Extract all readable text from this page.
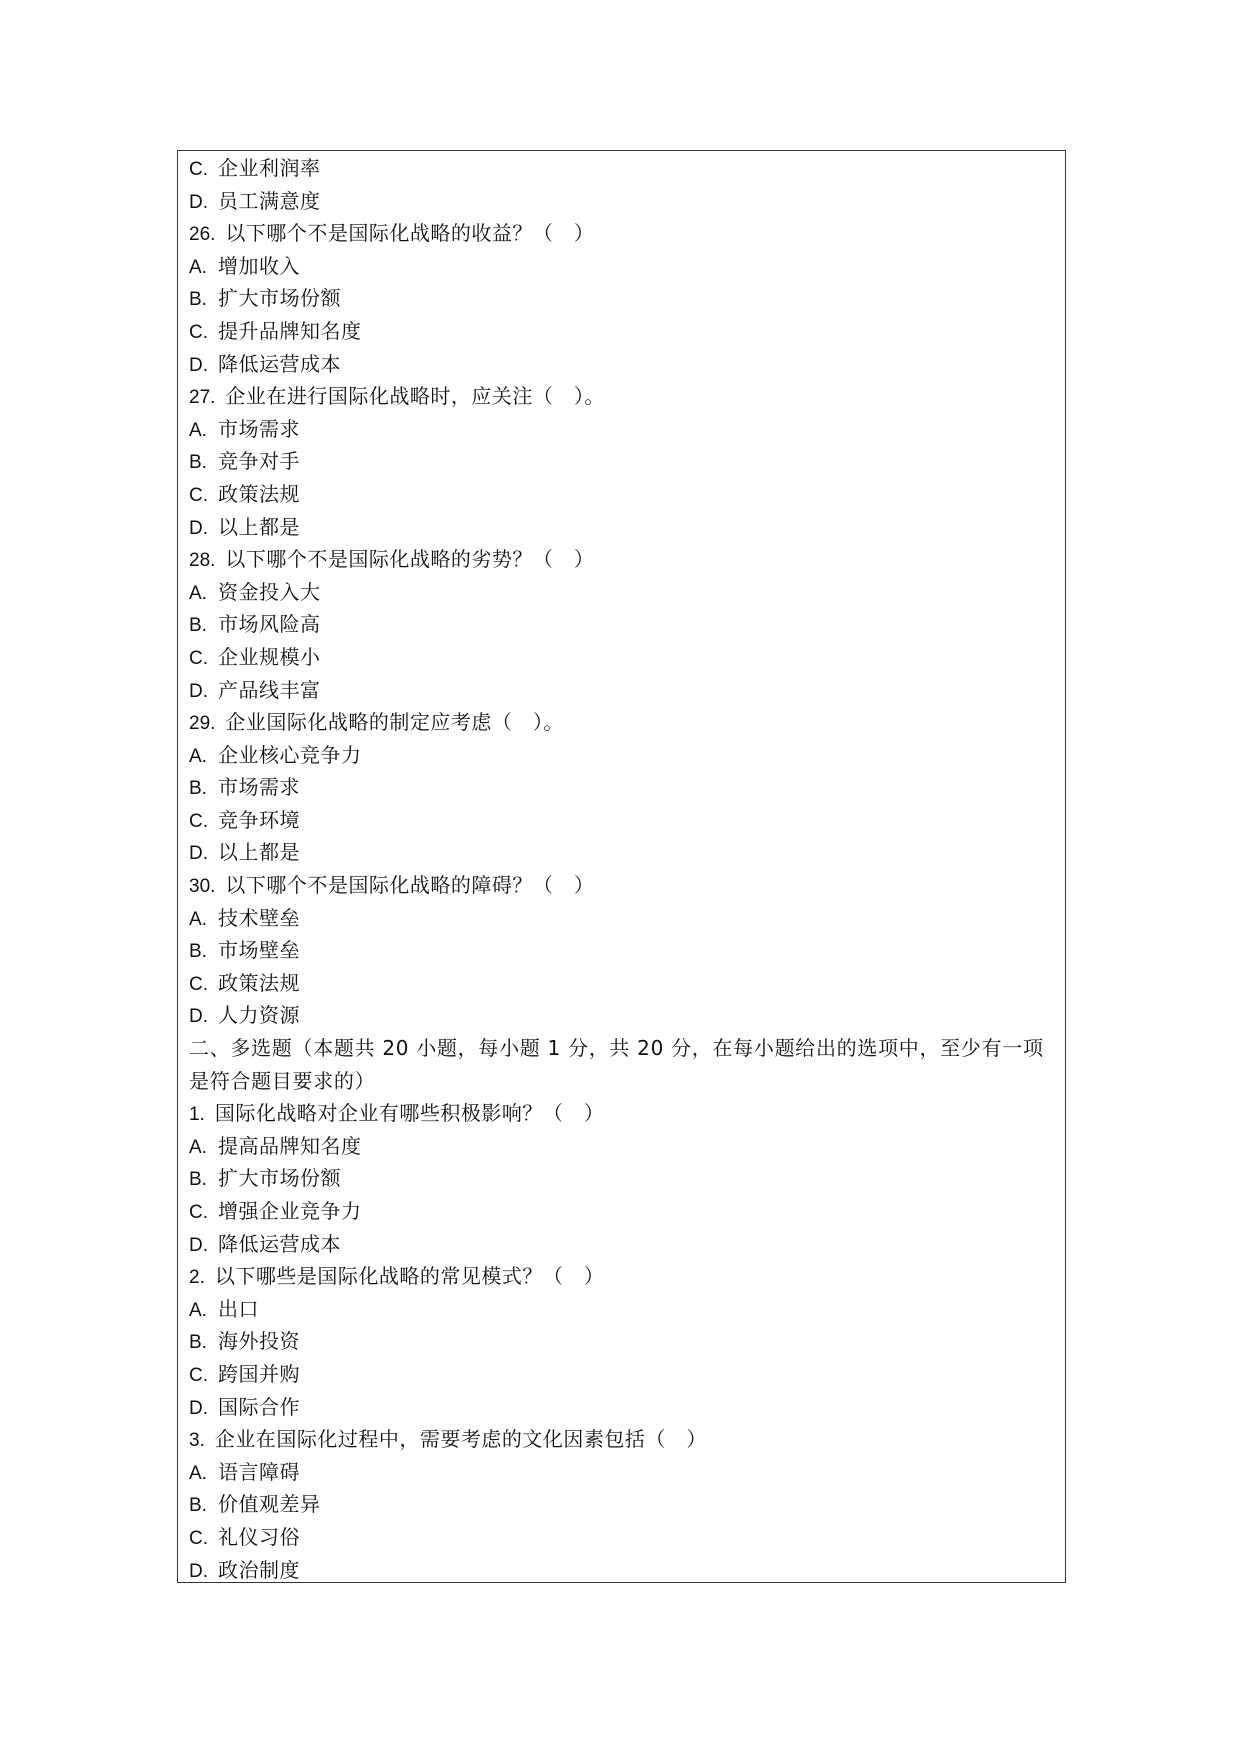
C. 企业利润率
D. 员工满意度
26. 以下哪个不是国际化战略的收益？（　）
A. 增加收入
B. 扩大市场份额
C. 提升品牌知名度
D. 降低运营成本
27. 企业在进行国际化战略时，应关注（　）。
A. 市场需求
B. 竞争对手
C. 政策法规
D. 以上都是
28. 以下哪个不是国际化战略的劣势？（　）
A. 资金投入大
B. 市场风险高
C. 企业规模小
D. 产品线丰富
29. 企业国际化战略的制定应考虑（　）。
A. 企业核心竞争力
B. 市场需求
C. 竞争环境
D. 以上都是
30. 以下哪个不是国际化战略的障碍？（　）
A. 技术壁垒
B. 市场壁垒
C. 政策法规
D. 人力资源
二、多选题（本题共 20 小题，每小题 1 分，共 20 分，在每小题给出的选项中，至少有一项是符合题目要求的）
1. 国际化战略对企业有哪些积极影响？（　）
A. 提高品牌知名度
B. 扩大市场份额
C. 增强企业竞争力
D. 降低运营成本
2. 以下哪些是国际化战略的常见模式？（　）
A. 出口
B. 海外投资
C. 跨国并购
D. 国际合作
3. 企业在国际化过程中，需要考虑的文化因素包括（　）
A. 语言障碍
B. 价值观差异
C. 礼仪习俗
D. 政治制度
